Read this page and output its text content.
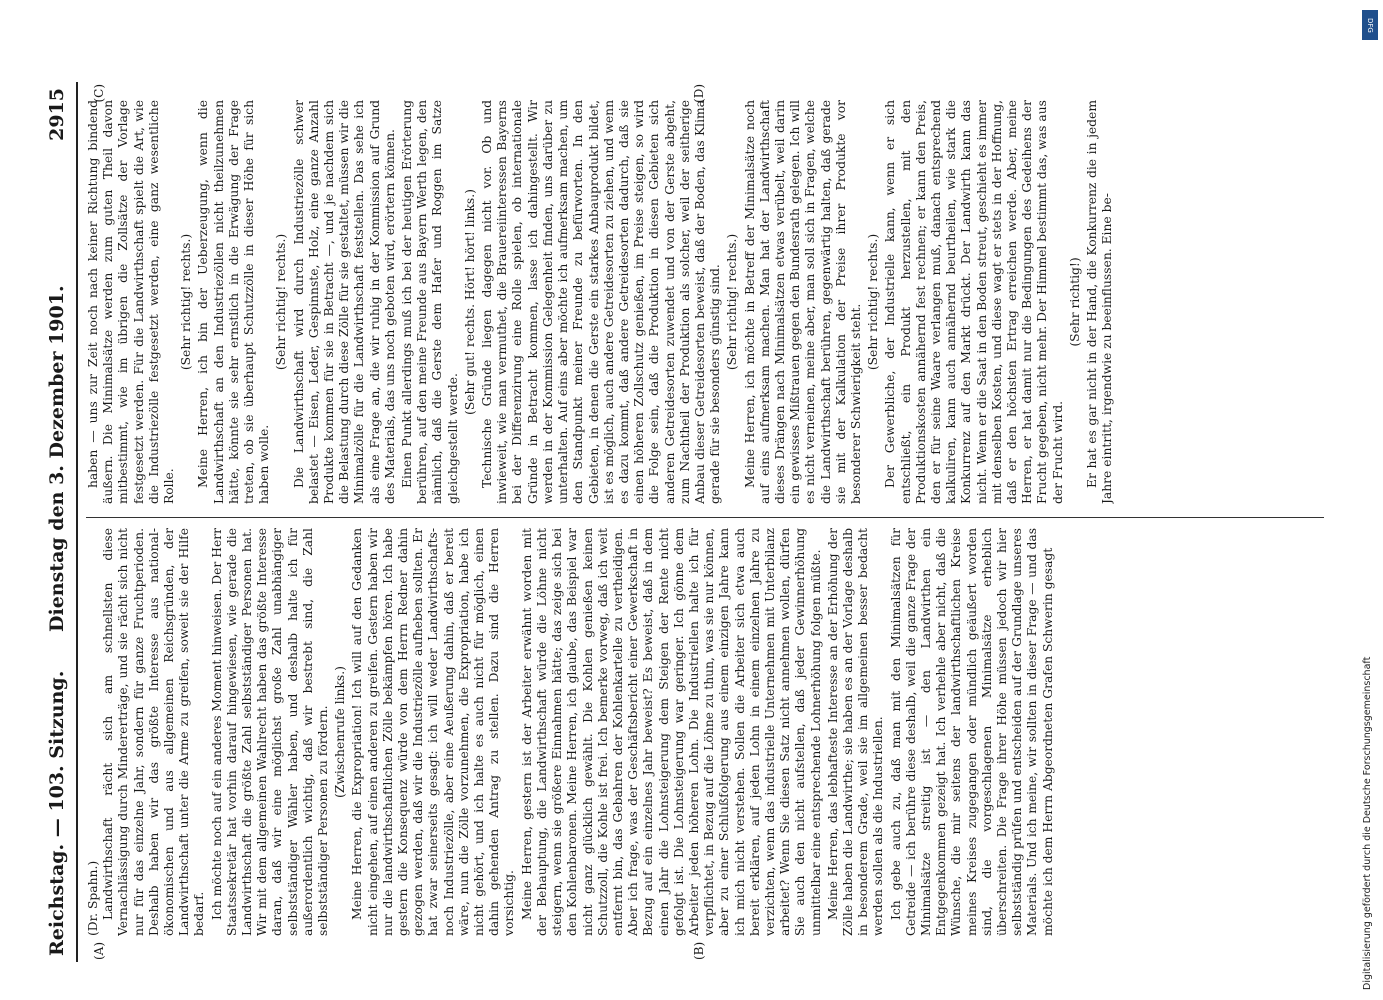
Reichstag. — 103. Sitzung.
Dienstag den 3. Dezember 1901.
2915
(A)	(B)
(C)	(D)
(Dr. Spahn.) Landwirthschaft rächt sich am schnellsten diese Vernachlässigung durch Mindererträge, und sie rächt sich nicht nur für das einzelne Jahr, sondern für ganze Fruchtperioden. Deshalb haben wir das größte Interesse aus national-ökonomischen und aus allgemeinen Reichsgründen, der Landwirthschaft unter die Arme zu greifen, soweit sie der Hilfe bedarf. Ich möchte noch auf ein anderes Moment hinweisen. Der Herr Staatssekretär hat vorhin darauf hingewiesen, wie gerade die Landwirthschaft die größte Zahl selbstständiger Personen hat. Wir mit dem allgemeinen Wahlrecht haben das größte Interesse daran, daß wir eine möglichst große Zahl unabhängiger selbstständiger Wähler haben, und deshalb halte ich für außerordentlich wichtig, daß wir bestrebt sind, die Zahl selbstständiger Personen zu fördern. (Zwischenrufe links.) Meine Herren, die Expropriation! Ich will auf den Gedanken nicht eingehen, auf einen anderen zu greifen. Gestern haben wir nur die landwirthschaftlichen Zölle bekämpfen hören. Ich habe gestern die Konsequenz würde von dem Herrn Redner dahin gezogen werden, daß wir die Industriezölle aufheben sollten. Er hat zwar seinerseits gesagt: ich will weder Landwirthschafts- noch Industriezölle, aber eine Aeußerung dahin, daß er bereit wäre, nun die Zölle vorzunehmen, die Expropriation, habe ich nicht gehört, und ich halte es auch nicht für möglich, einen dahin gehenden Antrag zu stellen. Dazu sind die Herren vorsichtig. Meine Herren, gestern ist der Arbeiter erwähnt worden mit der Behauptung, die Landwirthschaft würde die Löhne nicht steigern, wenn sie größere Einnahmen hätte; das zeige sich bei den Kohlenbaronen. Meine Herren, ich glaube, das Beispiel war nicht ganz glücklich gewählt. Die Kohlen genießen keinen Schutzzoll, die Kohle ist frei. Ich bemerke vorweg, daß ich weit entfernt bin, das Gebahren der Kohlenkartelle zu vertheidigen. Aber ich frage, was der Geschäftsbericht einer Gewerkschaft in Bezug auf ein einzelnes Jahr beweist? Es beweist, daß in dem einen Jahr die Lohnsteigerung dem Steigen der Rente nicht gefolgt ist. Die Lohnsteigerung war geringer. Ich gönne dem Arbeiter jeden höheren Lohn. Die Industriellen halte ich für verpflichtet, in Bezug auf die Löhne zu thun, was sie nur können, aber zu einer Schlußfolgerung aus einem einzigen Jahre kann ich mich nicht verstehen. Sollen die Arbeiter sich etwa auch bereit erklären, auf jeden Lohn in einem einzelnen Jahre zu verzichten, wenn das industrielle Unternehmen mit Unterbilanz arbeitet? Wenn Sie diesen Satz nicht annehmen wollen, dürfen Sie auch den nicht aufstellen, daß jeder Gewinnerhöhung unmittelbar eine entsprechende Lohnerhöhung folgen müßte. Meine Herren, das lebhafteste Interesse an der Erhöhung der Zölle haben die Landwirthe; sie haben es an der Vorlage deshalb in besonderem Grade, weil sie im allgemeinen besser bedacht werden sollen als die Industriellen. Ich gebe auch zu, daß man mit den Minimalsätzen für Getreide — ich berühre diese deshalb, weil die ganze Frage der Minimalsätze streitig ist — den Landwirthen ein Entgegenkommen gezeigt hat. Ich verhehle aber nicht, daß die Wünsche, die mir seitens der landwirthschaftlichen Kreise meines Kreises zugegangen oder mündlich geäußert worden sind, die vorgeschlagenen Minimalsätze erheblich überschreiten. Die Frage ihrer Höhe müssen jedoch wir hier selbstständig prüfen und entscheiden auf der Grundlage unseres Materials. Und ich meine, wir sollten in dieser Frage — und das möchte ich dem Herrn Abgeordneten Grafen Schwerin gesagt

haben — uns zur Zeit noch nach keiner Richtung bindend äußern. Die Minimalsätze werden zum guten Theil davon mitbestimmt, wie im übrigen die Zollsätze der Vorlage festgesetzt werden. Für die Landwirthschaft spielt die Art, wie die Industriezölle festgesetzt werden, eine ganz wesentliche Rolle.

(Sehr richtig! rechts.) Meine Herren, ich bin der Ueberzeugung, wenn die Landwirthschaft an den Industriezöllen nicht theilzunehmen hätte, könnte sie sehr ernstlich in die Erwägung der Frage treten, ob sie überhaupt Schutzzölle in dieser Höhe für sich haben wolle.

(Sehr richtig! rechts.) Die Landwirthschaft wird durch Industriezölle schwer belastet — Eisen, Leder, Gespinnste, Holz, eine ganze Anzahl Produkte kommen für sie in Betracht —, und je nachdem sich die Belastung durch diese Zölle für sie gestaltet, müssen wir die Minimalzölle für die Landwirthschaft feststellen. Das sehe ich als eine Frage an, die wir ruhig in der Kommission auf Grund des Materials, das uns noch geboten wird, erörtern können. Einen Punkt allerdings muß ich bei der heutigen Erörterung berühren, auf den meine Freunde aus Bayern Werth legen, den nämlich, daß die Gerste dem Hafer und Roggen im Satze gleichgestellt werde.

(Sehr gut! rechts. Hört! hört! links.) Technische Gründe liegen dagegen nicht vor. Ob und inwieweit, wie man vermuthet, die Brauereiinteressen Bayerns bei der Differenzirung eine Rolle spielen, ob internationale Gründe in Betracht kommen, lasse ich dahingestellt. Wir werden in der Kommission Gelegenheit finden, uns darüber zu unterhalten. Auf eins aber möchte ich aufmerksam machen, um den Standpunkt meiner Freunde zu befürworten. In den Gebieten, in denen die Gerste ein starkes Anbauprodukt bildet, ist es möglich, auch andere Getreidesorten zu ziehen, und wenn es dazu kommt, daß andere Getreidesorten dadurch, daß sie einen höheren Zollschutz genießen, im Preise steigen, so wird die Folge sein, daß die Produktion in diesen Gebieten sich anderen Getreidesorten zuwendet und von der Gerste abgeht, zum Nachtheil der Produktion als solcher, weil der seitherige Anbau dieser Getreidesorten beweist, daß der Boden, das Klima gerade für sie besonders günstig sind. (Sehr richtig! rechts.) Meine Herren, ich möchte in Betreff der Minimalsätze noch auf eins aufmerksam machen. Man hat der Landwirthschaft dieses Drängen nach Minimalsätzen etwas verübelt, weil darin ein gewisses Mißtrauen gegen den Bundesrath gelegen. Ich will es nicht verneinen, meine aber, man soll sich in Fragen, welche die Landwirthschaft berühren, gegenwärtig halten, daß gerade sie mit der Kalkulation der Preise ihrer Produkte vor besonderer Schwierigkeit steht.

(Sehr richtig! rechts.) Der Gewerbliche, der Industrielle kann, wenn er sich entschließt, ein Produkt herzustellen, mit den Produktionskosten annähernd fest rechnen; er kann den Preis, den er für seine Waare verlangen muß, danach entsprechend kalkuliren, kann auch annähernd beurtheilen, wie stark die Konkurrenz auf den Markt drückt. Der Landwirth kann das nicht. Wenn er die Saat in den Boden streut, geschieht es immer mit denselben Kosten, und diese wagt er stets in der Hoffnung, daß er den höchsten Ertrag erreichen werde. Aber, meine Herren, er hat damit nur die Bedingungen des Gedeihens der Frucht gegeben, nicht mehr. Der Himmel bestimmt das, was aus der Frucht wird.

(Sehr richtig!) Er hat es gar nicht in der Hand, die Konkurrenz die in jedem Jahre eintritt, irgendwie zu beeinflussen. Eine be-

DFG
Digitalisierung gefördert durch die Deutsche Forschungsgemeinschaft
